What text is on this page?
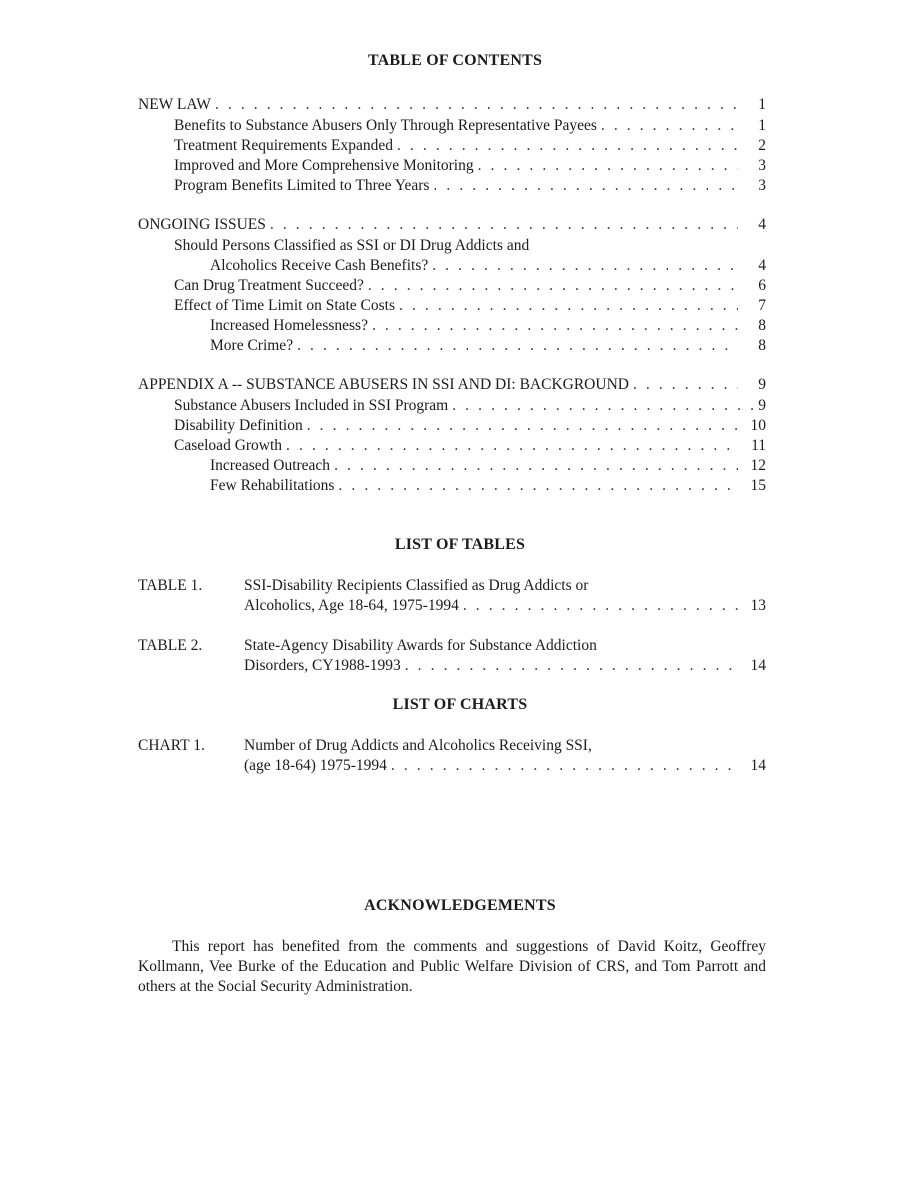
TABLE OF CONTENTS
NEW LAW . . .	1
Benefits to Substance Abusers Only Through Representative Payees . . .	1
Treatment Requirements Expanded . . .	2
Improved and More Comprehensive Monitoring . . .	3
Program Benefits Limited to Three Years . . .	3
ONGOING ISSUES . . .	4
Should Persons Classified as SSI or DI Drug Addicts and
Alcoholics Receive Cash Benefits? . . .	4
Can Drug Treatment Succeed? . . .	6
Effect of Time Limit on State Costs . . .	7
Increased Homelessness? . . .	8
More Crime? . . .	8
APPENDIX A -- SUBSTANCE ABUSERS IN SSI AND DI: BACKGROUND . . .	9
Substance Abusers Included in SSI Program . . .	9
Disability Definition . . .	10
Caseload Growth . . .	11
Increased Outreach . . .	12
Few Rehabilitations . . .	15
LIST OF TABLES
TABLE 1.	SSI-Disability Recipients Classified as Drug Addicts or
Alcoholics, Age 18-64, 1975-1994 . . .	13
TABLE 2.	State-Agency Disability Awards for Substance Addiction
Disorders, CY1988-1993 . . .	14
LIST OF CHARTS
CHART 1.	Number of Drug Addicts and Alcoholics Receiving SSI,
(age 18-64) 1975-1994 . . .	14
ACKNOWLEDGEMENTS
This report has benefited from the comments and suggestions of David Koitz, Geoffrey Kollmann, Vee Burke of the Education and Public Welfare Division of CRS, and Tom Parrott and others at the Social Security Administration.
